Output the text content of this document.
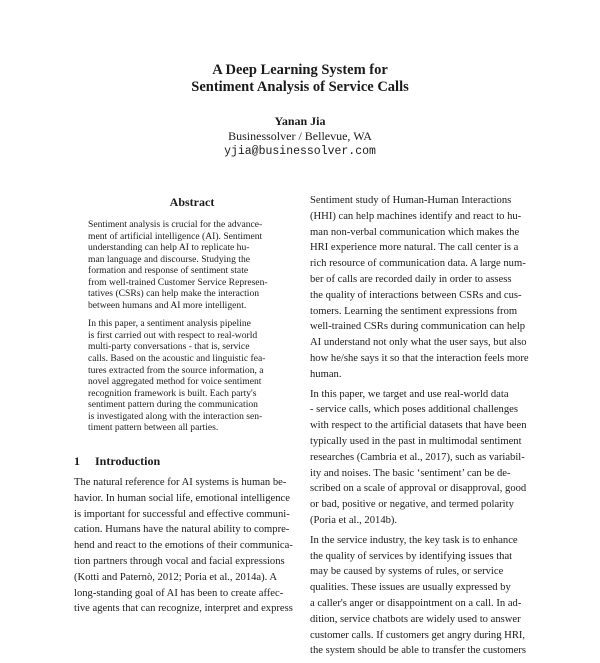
A Deep Learning System for
Sentiment Analysis of Service Calls
Yanan Jia
Businessolver / Bellevue, WA
yjia@businessolver.com
Abstract

Sentiment analysis is crucial for the advance-
ment of artificial intelligence (AI). Sentiment
understanding can help AI to replicate hu-
man language and discourse. Studying the
formation and response of sentiment state
from well-trained Customer Service Represen-
tatives (CSRs) can help make the interaction
between humans and AI more intelligent.

In this paper, a sentiment analysis pipeline
is first carried out with respect to real-world
multi-party conversations - that is, service
calls. Based on the acoustic and linguistic fea-
tures extracted from the source information, a
novel aggregated method for voice sentiment
recognition framework is built. Each party's
sentiment pattern during the communication
is investigated along with the interaction sen-
timent pattern between all parties.

1 Introduction
The natural reference for AI systems is human be-
havior. In human social life, emotional intelligence
is important for successful and effective communi-
cation. Humans have the natural ability to compre-
hend and react to the emotions of their communica-
tion partners through vocal and facial expressions
(Kotti and Paternò, 2012; Poria et al., 2014a). A
long-standing goal of AI has been to create affec-
tive agents that can recognize, interpret and express

Sentiment study of Human-Human Interactions
(HHI) can help machines identify and react to hu-
man non-verbal communication which makes the
HRI experience more natural. The call center is a
rich resource of communication data. A large num-
ber of calls are recorded daily in order to assess
the quality of interactions between CSRs and cus-
tomers. Learning the sentiment expressions from
well-trained CSRs during communication can help
AI understand not only what the user says, but also
how he/she says it so that the interaction feels more
human.

In this paper, we target and use real-world data
- service calls, which poses additional challenges
with respect to the artificial datasets that have been
typically used in the past in multimodal sentiment
researches (Cambria et al., 2017), such as variabil-
ity and noises. The basic ‘sentiment’ can be de-
scribed on a scale of approval or disapproval, good
or bad, positive or negative, and termed polarity
(Poria et al., 2014b).

In the service industry, the key task is to enhance
the quality of services by identifying issues that
may be caused by systems of rules, or service
qualities. These issues are usually expressed by
a caller's anger or disappointment on a call. In ad-
dition, service chatbots are widely used to answer
customer calls. If customers get angry during HRI,
the system should be able to transfer the customers
